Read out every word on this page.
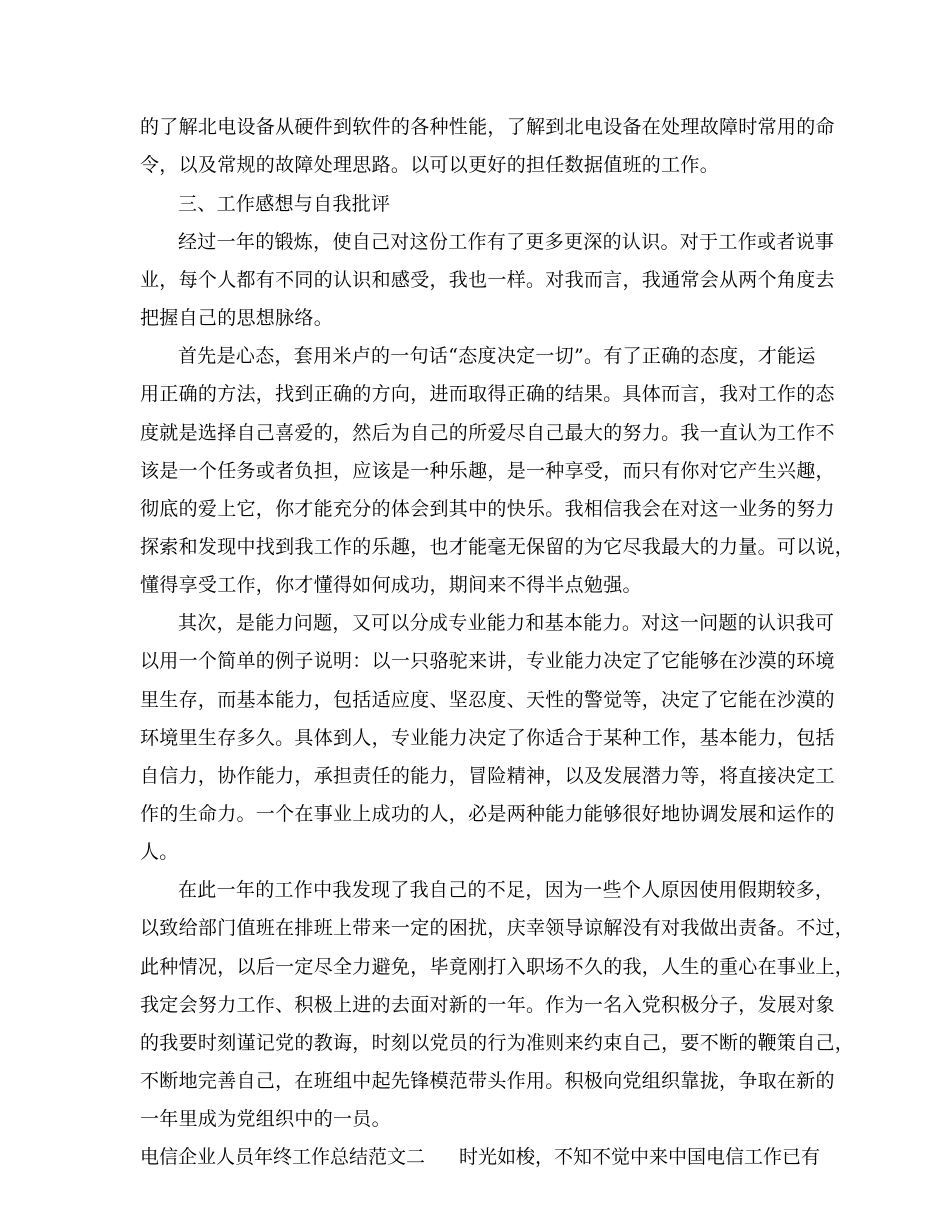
的了解北电设备从硬件到软件的各种性能，了解到北电设备在处理故障时常用的命
令，以及常规的故障处理思路。以可以更好的担任数据值班的工作。
三、工作感想与自我批评
经过一年的锻炼，使自己对这份工作有了更多更深的认识。对于工作或者说事
业，每个人都有不同的认识和感受，我也一样。对我而言，我通常会从两个角度去
把握自己的思想脉络。
首先是心态，套用米卢的一句话“态度决定一切”。有了正确的态度，才能运
用正确的方法，找到正确的方向，进而取得正确的结果。具体而言，我对工作的态
度就是选择自己喜爱的，然后为自己的所爱尽自己最大的努力。我一直认为工作不
该是一个任务或者负担，应该是一种乐趣，是一种享受，而只有你对它产生兴趣，
彻底的爱上它，你才能充分的体会到其中的快乐。我相信我会在对这一业务的努力
探索和发现中找到我工作的乐趣，也才能毫无保留的为它尽我最大的力量。可以说，
懂得享受工作，你才懂得如何成功，期间来不得半点勉强。
其次，是能力问题，又可以分成专业能力和基本能力。对这一问题的认识我可
以用一个简单的例子说明：以一只骆驼来讲，专业能力决定了它能够在沙漠的环境
里生存，而基本能力，包括适应度、坚忍度、天性的警觉等，决定了它能在沙漠的
环境里生存多久。具体到人，专业能力决定了你适合于某种工作，基本能力，包括
自信力，协作能力，承担责任的能力，冒险精神，以及发展潜力等，将直接决定工
作的生命力。一个在事业上成功的人，必是两种能力能够很好地协调发展和运作的
人。
在此一年的工作中我发现了我自己的不足，因为一些个人原因使用假期较多，
以致给部门值班在排班上带来一定的困扰，庆幸领导谅解没有对我做出责备。不过，
此种情况，以后一定尽全力避免，毕竟刚打入职场不久的我，人生的重心在事业上，
我定会努力工作、积极上进的去面对新的一年。作为一名入党积极分子，发展对象
的我要时刻谨记党的教诲，时刻以党员的行为准则来约束自己，要不断的鞭策自己，
不断地完善自己，在班组中起先锋模范带头作用。积极向党组织靠拢，争取在新的
一年里成为党组织中的一员。
电信企业人员年终工作总结范文二 时光如梭，不知不觉中来中国电信工作已有
